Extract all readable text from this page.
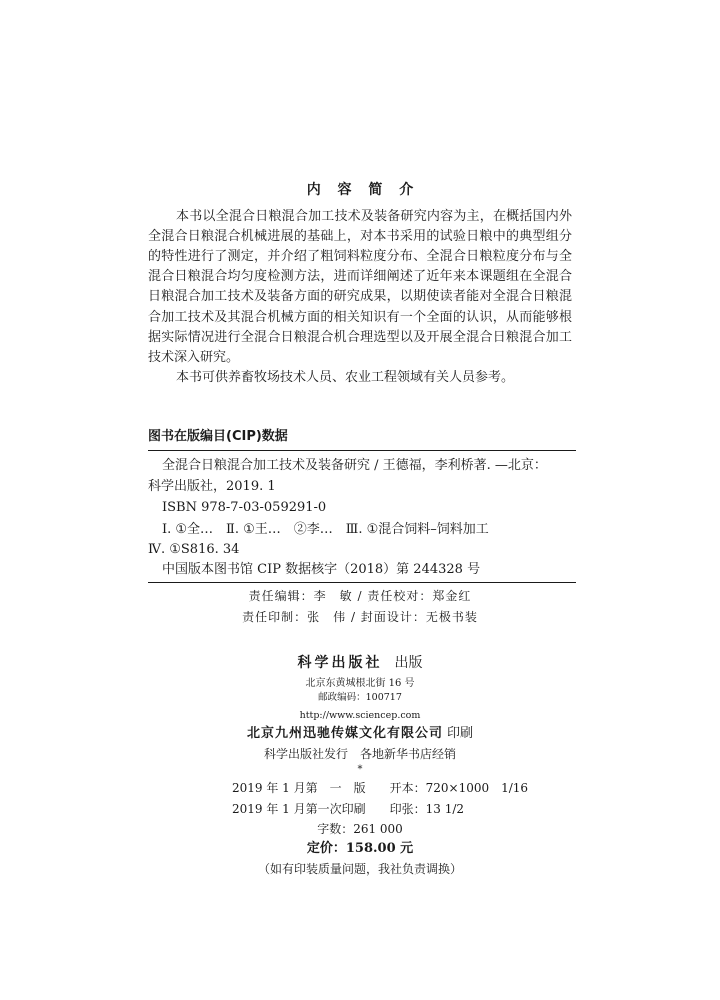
内 容 简 介
本书以全混合日粮混合加工技术及装备研究内容为主，在概括国内外
全混合日粮混合机械进展的基础上，对本书采用的试验日粮中的典型组分
的特性进行了测定，并介绍了粗饲料粒度分布、全混合日粮粒度分布与全
混合日粮混合均匀度检测方法，进而详细阐述了近年来本课题组在全混合
日粮混合加工技术及装备方面的研究成果，以期使读者能对全混合日粮混
合加工技术及其混合机械方面的相关知识有一个全面的认识，从而能够根
据实际情况进行全混合日粮混合机合理选型以及开展全混合日粮混合加工
技术深入研究。
本书可供养畜牧场技术人员、农业工程领域有关人员参考。
图书在版编目(CIP)数据
全混合日粮混合加工技术及装备研究 / 王德福，李利桥著. —北京：
科学出版社，2019. 1
ISBN 978-7-03-059291-0
Ⅰ. ①全…　Ⅱ. ①王…　②李…　Ⅲ. ①混合饲料–饲料加工
Ⅳ. ①S816. 34
中国版本图书馆 CIP 数据核字（2018）第 244328 号
责任编辑：李　敏 / 责任校对：郑金红
责任印制：张　伟 / 封面设计：无极书装
科学出版社 出版
北京东黄城根北街 16 号
邮政编码：100717
http://www.sciencep.com
北京九州迅驰传媒文化有限公司 印刷
科学出版社发行　各地新华书店经销
*
2019 年 1 月第　一　版　　开本：720×1000　1/16
2019 年 1 月第一次印刷　　印张：13 1/2
字数：261 000
定价：158.00 元
（如有印装质量问题，我社负责调换）
